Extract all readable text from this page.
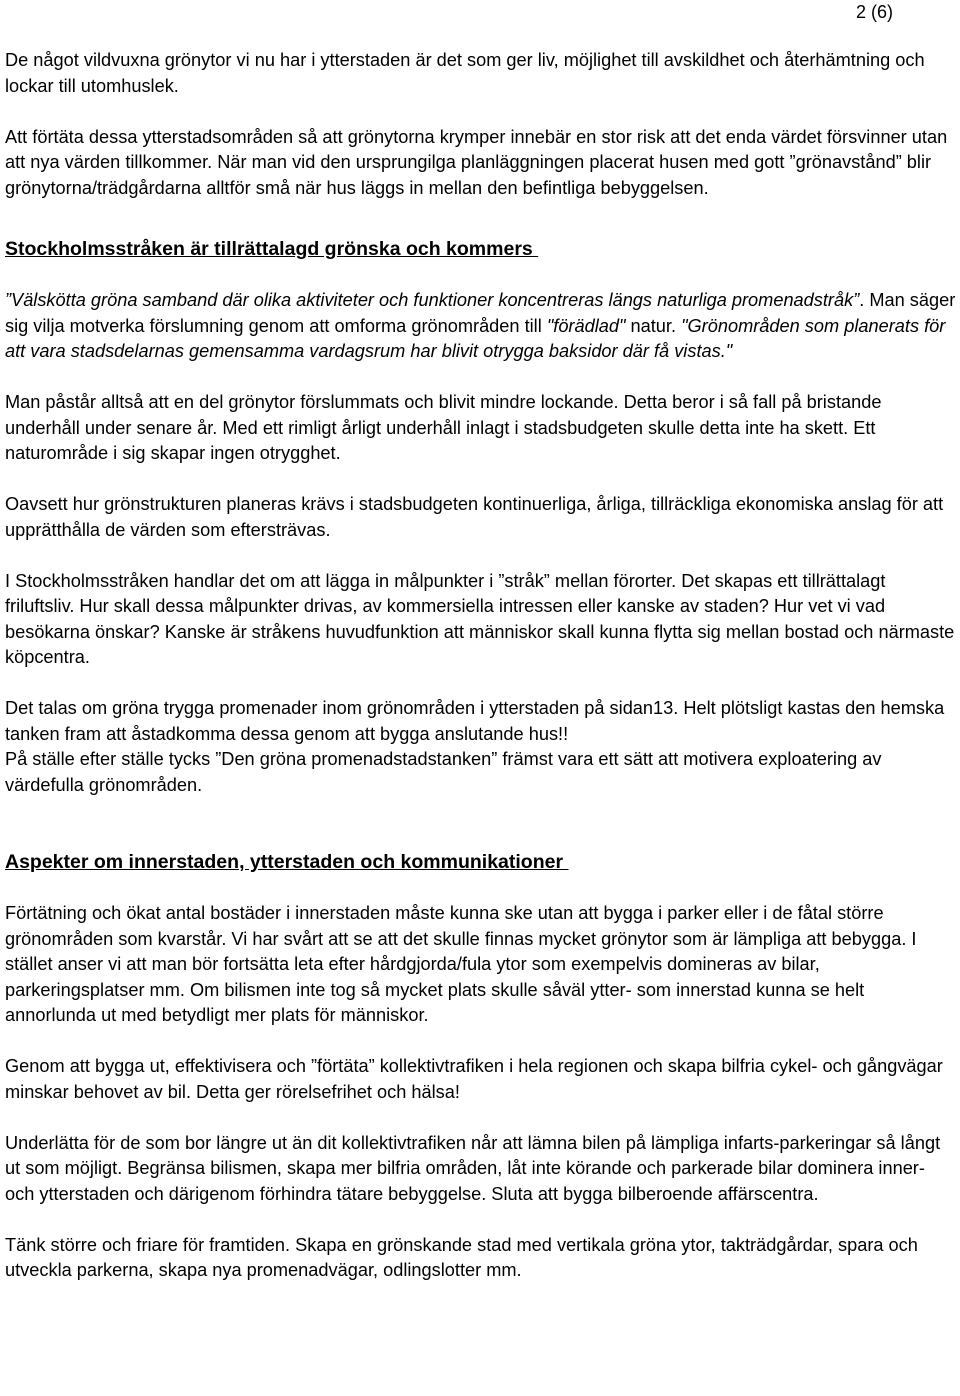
2 (6)

De något vildvuxna grönytor vi nu har i ytterstaden är det som ger liv, möjlighet till avskildhet och återhämtning och lockar till utomhuslek.

Att förtäta dessa ytterstadsområden så att grönytorna krymper innebär en stor risk att det enda värdet försvinner utan att nya värden tillkommer. När man vid den ursprungilga planläggningen placerat husen med gott ”grönavstånd” blir grönytorna/trädgårdarna alltför små när hus läggs in mellan den befintliga bebyggelsen.

Stockholmsstråken är tillrättalagd grönska och kommers

”Välskötta gröna samband där olika aktiviteter och funktioner koncentreras längs naturliga promenadstråk”. Man säger sig vilja motverka förslumning genom att omforma grönområden till "förädlad" natur. "Grönområden som planerats för att vara stadsdelarnas gemensamma vardagsrum har blivit otrygga baksidor där få vistas."

Man påstår alltså att en del grönytor förslummats och blivit mindre lockande. Detta beror i så fall på bristande underhåll under senare år. Med ett rimligt årligt underhåll inlagt i stadsbudgeten skulle detta inte ha skett. Ett naturområde i sig skapar ingen otrygghet.

Oavsett hur grönstrukturen planeras krävs i stadsbudgeten kontinuerliga, årliga, tillräckliga ekonomiska anslag för att upprätthålla de värden som eftersträvas.

I Stockholmsstråken handlar det om att lägga in målpunkter i ”stråk” mellan förorter. Det skapas ett tillrättalagt friluftsliv. Hur skall dessa målpunkter drivas, av kommersiella intressen eller kanske av staden? Hur vet vi vad besökarna önskar? Kanske är stråkens huvudfunktion att människor skall kunna flytta sig mellan bostad och närmaste köpcentra.

Det talas om gröna trygga promenader inom grönområden i ytterstaden på sidan13. Helt plötsligt kastas den hemska tanken fram att åstadkomma dessa genom att bygga anslutande hus!!

På ställe efter ställe tycks ”Den gröna promenadstadstanken” främst vara ett sätt att motivera exploatering av värdefulla grönområden.

Aspekter om innerstaden, ytterstaden och kommunikationer

Förtätning och ökat antal bostäder i innerstaden måste kunna ske utan att bygga i parker eller i de fåtal större grönområden som kvarstår. Vi har svårt att se att det skulle finnas mycket grönytor som är lämpliga att bebygga. I stället anser vi att man bör fortsätta leta efter hårdgjorda/fula ytor som exempelvis domineras av bilar, parkeringsplatser mm. Om bilismen inte tog så mycket plats skulle såväl ytter- som innerstad kunna se helt annorlunda ut med betydligt mer plats för människor.

Genom att bygga ut, effektivisera och ”förtäta” kollektivtrafiken i hela regionen och skapa bilfria cykel- och gångvägar minskar behovet av bil. Detta ger rörelsefrihet och hälsa!

Underlätta för de som bor längre ut än dit kollektivtrafiken når att lämna bilen på lämpliga infarts-parkeringar så långt ut som möjligt. Begränsa bilismen, skapa mer bilfria områden, låt inte körande och parkerade bilar dominera inner- och ytterstaden och därigenom förhindra tätare bebyggelse. Sluta att bygga bilberoende affärscentra.

Tänk större och friare för framtiden. Skapa en grönskande stad med vertikala gröna ytor, takträdgårdar, spara och utveckla parkerna, skapa nya promenadvägar, odlingslotter mm.
